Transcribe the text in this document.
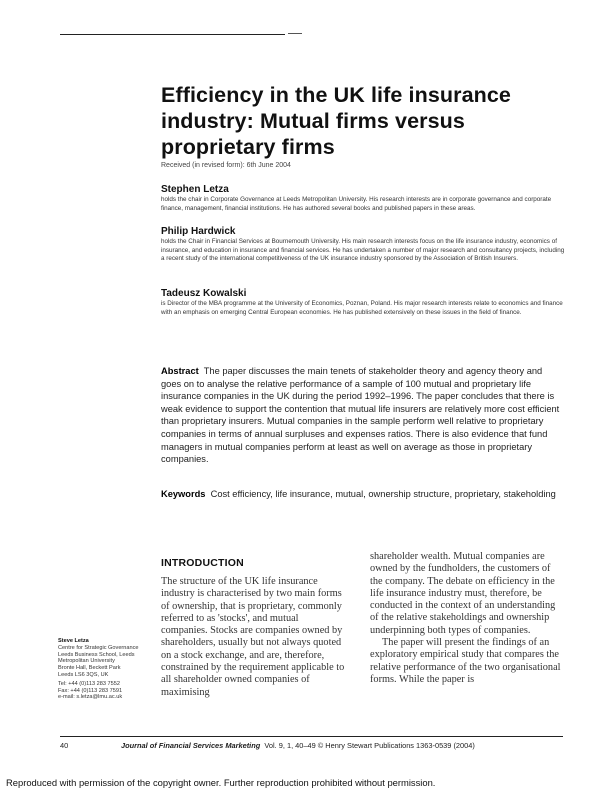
Efficiency in the UK life insurance
industry: Mutual firms versus
proprietary firms
Received (in revised form): 6th June 2004
Stephen Letza
holds the chair in Corporate Governance at Leeds Metropolitan University. His research interests are in corporate governance and corporate finance, management, financial institutions. He has authored several books and published papers in these areas.
Philip Hardwick
holds the Chair in Financial Services at Bournemouth University. His main research interests focus on the life insurance industry, economics of insurance, and education in insurance and financial services. He has undertaken a number of major research and consultancy projects, including a recent study of the international competitiveness of the UK insurance industry sponsored by the Association of British Insurers.
Tadeusz Kowalski
is Director of the MBA programme at the University of Economics, Poznan, Poland. His major research interests relate to economics and finance with an emphasis on emerging Central European economies. He has published extensively on these issues in the field of finance.
Abstract The paper discusses the main tenets of stakeholder theory and agency theory and goes on to analyse the relative performance of a sample of 100 mutual and proprietary life insurance companies in the UK during the period 1992–1996. The paper concludes that there is weak evidence to support the contention that mutual life insurers are relatively more cost efficient than proprietary insurers. Mutual companies in the sample perform well relative to proprietary companies in terms of annual surpluses and expenses ratios. There is also evidence that fund managers in mutual companies perform at least as well on average as those in proprietary companies.
Keywords Cost efficiency, life insurance, mutual, ownership structure, proprietary, stakeholding
INTRODUCTION
The structure of the UK life insurance industry is characterised by two main forms of ownership, that is proprietary, commonly referred to as 'stocks', and mutual companies. Stocks are companies owned by shareholders, usually but not always quoted on a stock exchange, and are, therefore, constrained by the requirement applicable to all shareholder owned companies of maximising
shareholder wealth. Mutual companies are owned by the fundholders, the customers of the company. The debate on efficiency in the life insurance industry must, therefore, be conducted in the context of an understanding of the relative stakeholdings and ownership underpinning both types of companies.
The paper will present the findings of an exploratory empirical study that compares the relative performance of the two organisational forms. While the paper is
Steve Letza
Centre for Strategic Governance
Leeds Business School, Leeds
Metropolitan University
Bronte Hall, Beckett Park
Leeds LS6 3QS, UK
Tel: +44 (0)113 283 7552
Fax: +44 (0)113 283 7591
e-mail: s.letza@lmu.ac.uk
40	Journal of Financial Services Marketing Vol. 9, 1, 40–49 © Henry Stewart Publications 1363-0539 (2004)
Reproduced with permission of the copyright owner. Further reproduction prohibited without permission.
